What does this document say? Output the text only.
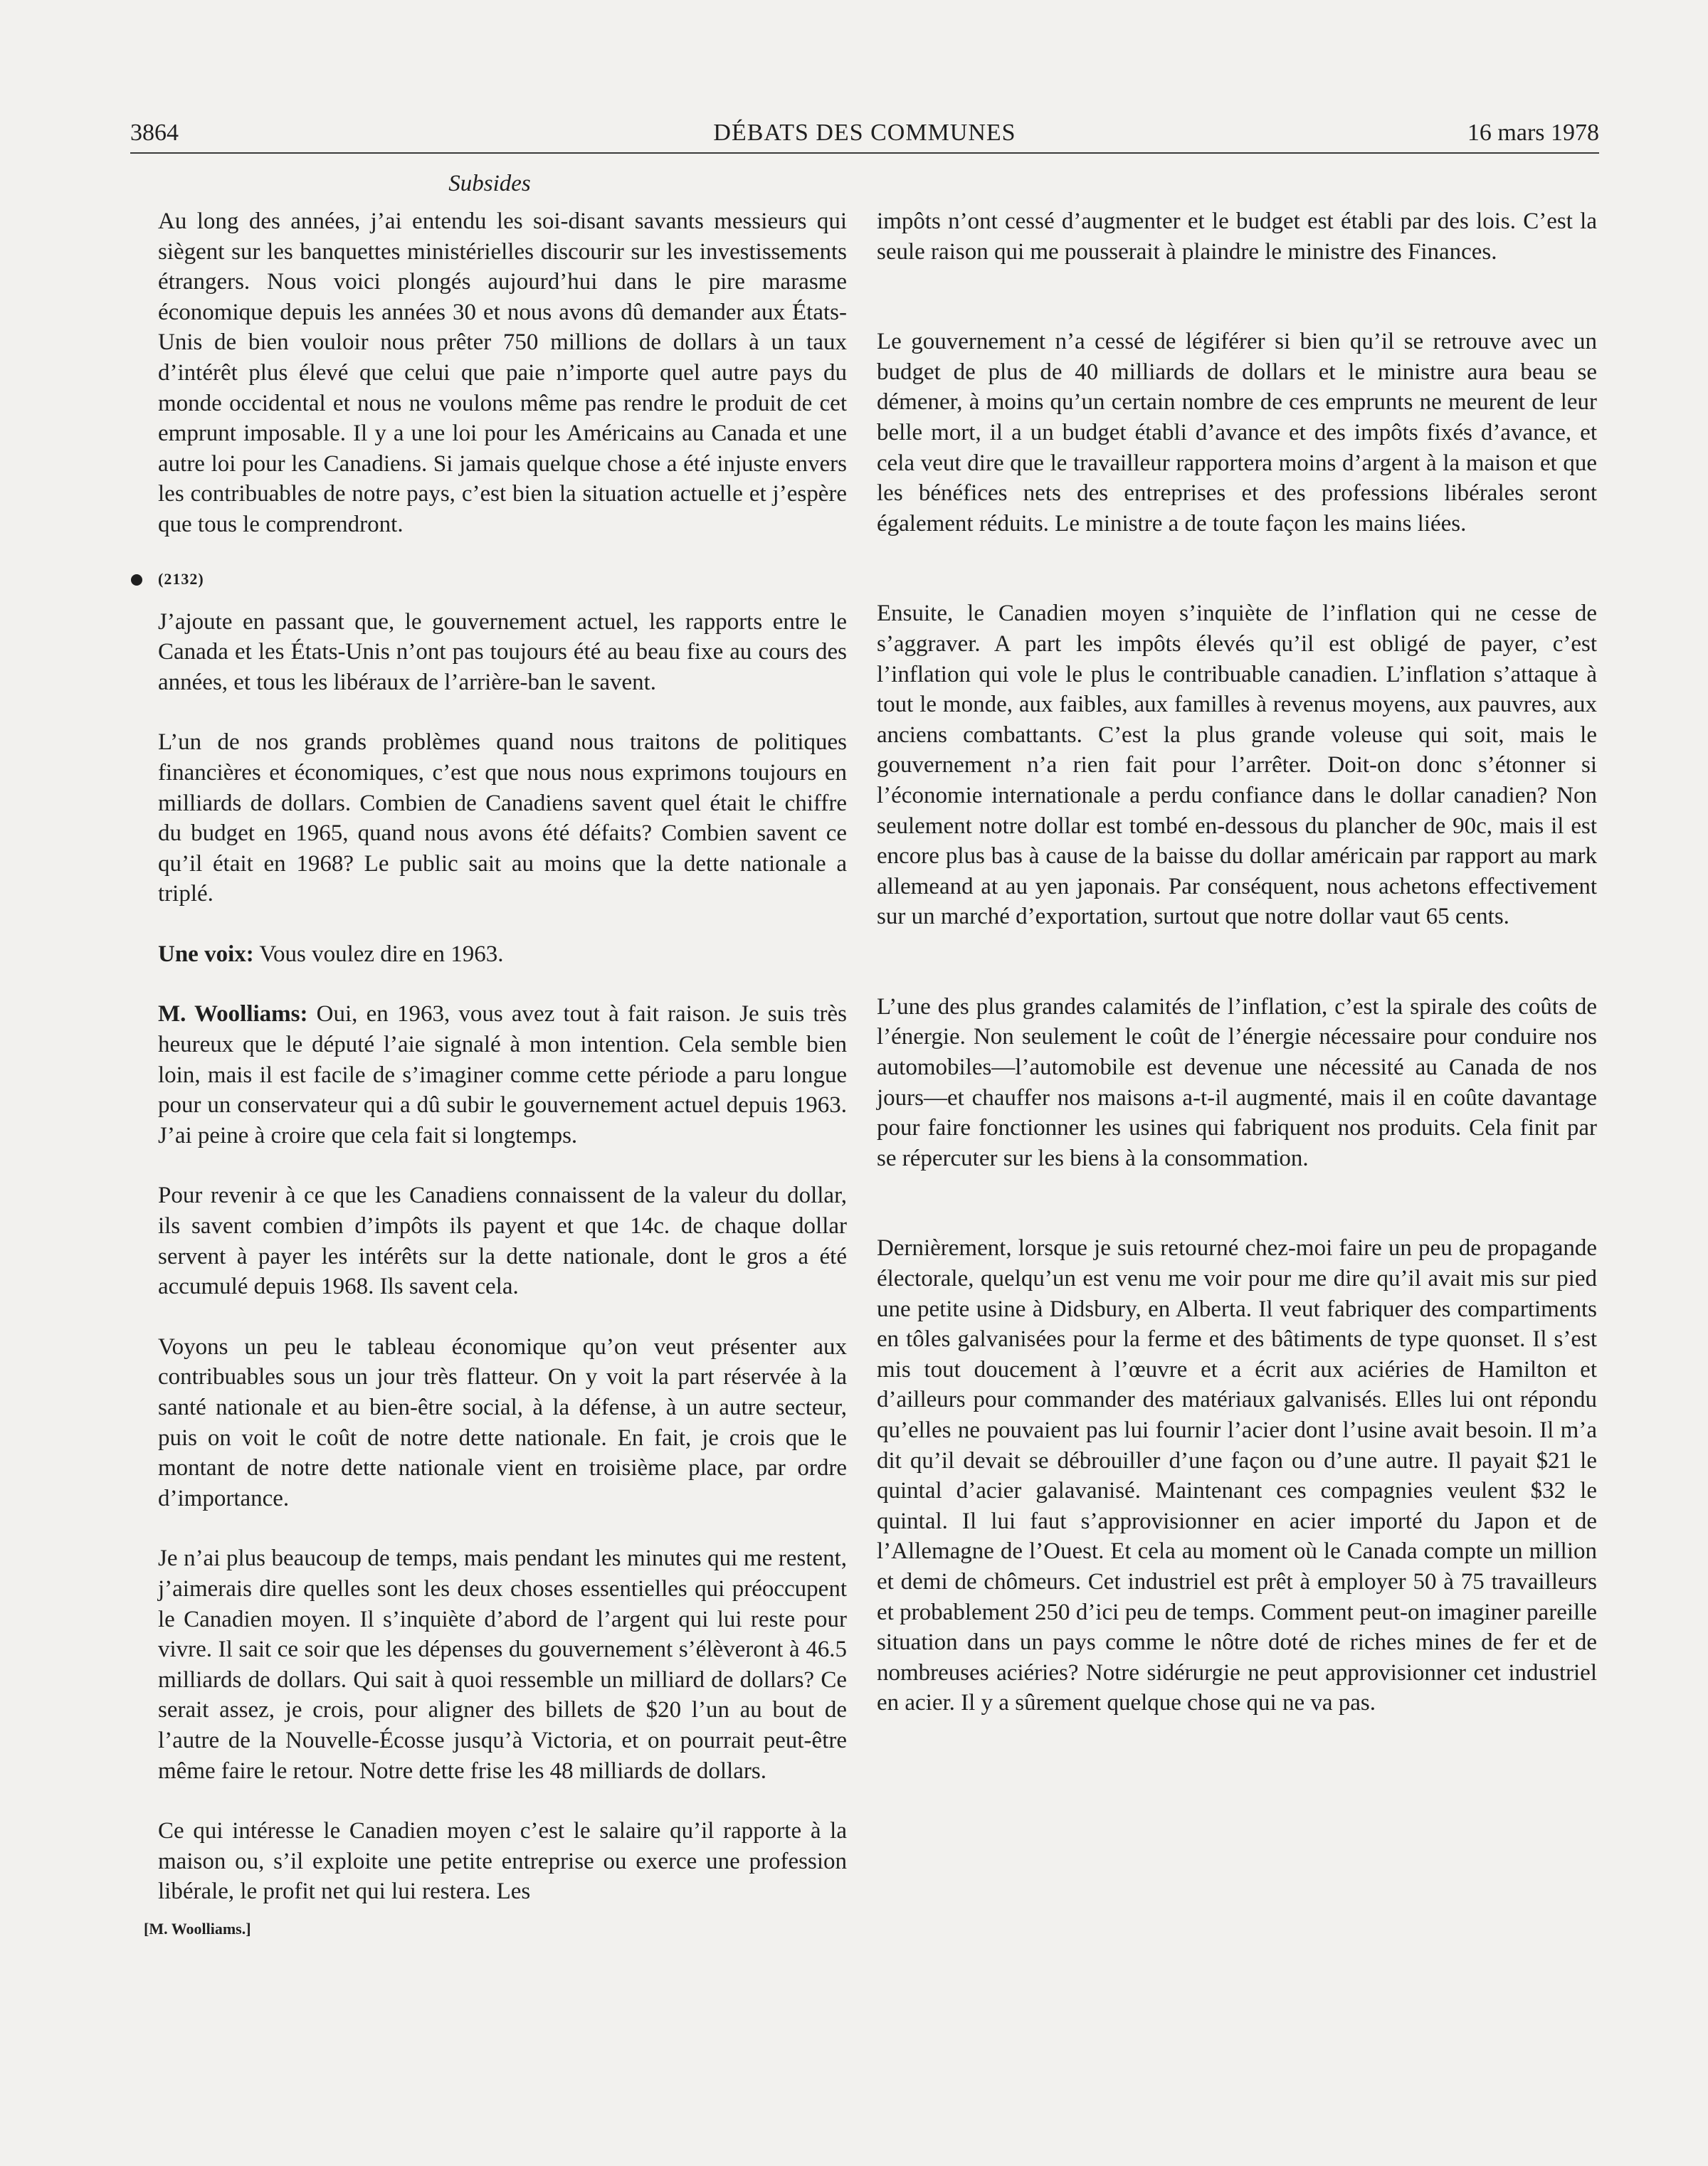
3864	DÉBATS DES COMMUNES	16 mars 1978
Subsides

Au long des années, j’ai entendu les soi-disant savants messieurs qui siègent sur les banquettes ministérielles discourir sur les investissements étrangers. Nous voici plongés aujourd’hui dans le pire marasme économique depuis les années 30 et nous avons dû demander aux États-Unis de bien vouloir nous prêter 750 millions de dollars à un taux d’intérêt plus élevé que celui que paie n’importe quel autre pays du monde occidental et nous ne voulons même pas rendre le produit de cet emprunt imposable. Il y a une loi pour les Américains au Canada et une autre loi pour les Canadiens. Si jamais quelque chose a été injuste envers les contribuables de notre pays, c’est bien la situation actuelle et j’espère que tous le comprendront.

(2132)

J’ajoute en passant que, le gouvernement actuel, les rapports entre le Canada et les États-Unis n’ont pas toujours été au beau fixe au cours des années, et tous les libéraux de l’arrière-ban le savent.

L’un de nos grands problèmes quand nous traitons de politiques financières et économiques, c’est que nous nous exprimons toujours en milliards de dollars. Combien de Canadiens savent quel était le chiffre du budget en 1965, quand nous avons été défaits? Combien savent ce qu’il était en 1968? Le public sait au moins que la dette nationale a triplé.

Une voix: Vous voulez dire en 1963.

M. Woolliams: Oui, en 1963, vous avez tout à fait raison. Je suis très heureux que le député l’aie signalé à mon intention. Cela semble bien loin, mais il est facile de s’imaginer comme cette période a paru longue pour un conservateur qui a dû subir le gouvernement actuel depuis 1963. J’ai peine à croire que cela fait si longtemps.

Pour revenir à ce que les Canadiens connaissent de la valeur du dollar, ils savent combien d’impôts ils payent et que 14c. de chaque dollar servent à payer les intérêts sur la dette nationale, dont le gros a été accumulé depuis 1968. Ils savent cela.

Voyons un peu le tableau économique qu’on veut présenter aux contribuables sous un jour très flatteur. On y voit la part réservée à la santé nationale et au bien-être social, à la défense, à un autre secteur, puis on voit le coût de notre dette nationale. En fait, je crois que le montant de notre dette nationale vient en troisième place, par ordre d’importance.

Je n’ai plus beaucoup de temps, mais pendant les minutes qui me restent, j’aimerais dire quelles sont les deux choses essentielles qui préoccupent le Canadien moyen. Il s’inquiète d’abord de l’argent qui lui reste pour vivre. Il sait ce soir que les dépenses du gouvernement s’élèveront à 46.5 milliards de dollars. Qui sait à quoi ressemble un milliard de dollars? Ce serait assez, je crois, pour aligner des billets de $20 l’un au bout de l’autre de la Nouvelle-Écosse jusqu’à Victoria, et on pourrait peut-être même faire le retour. Notre dette frise les 48 milliards de dollars.

Ce qui intéresse le Canadien moyen c’est le salaire qu’il rapporte à la maison ou, s’il exploite une petite entreprise ou exerce une profession libérale, le profit net qui lui restera. Les

[M. Woolliams.]

impôts n’ont cessé d’augmenter et le budget est établi par des lois. C’est la seule raison qui me pousserait à plaindre le ministre des Finances.

Le gouvernement n’a cessé de légiférer si bien qu’il se retrouve avec un budget de plus de 40 milliards de dollars et le ministre aura beau se démener, à moins qu’un certain nombre de ces emprunts ne meurent de leur belle mort, il a un budget établi d’avance et des impôts fixés d’avance, et cela veut dire que le travailleur rapportera moins d’argent à la maison et que les bénéfices nets des entreprises et des professions libérales seront également réduits. Le ministre a de toute façon les mains liées.

Ensuite, le Canadien moyen s’inquiète de l’inflation qui ne cesse de s’aggraver. A part les impôts élevés qu’il est obligé de payer, c’est l’inflation qui vole le plus le contribuable canadien. L’inflation s’attaque à tout le monde, aux faibles, aux familles à revenus moyens, aux pauvres, aux anciens combattants. C’est la plus grande voleuse qui soit, mais le gouvernement n’a rien fait pour l’arrêter. Doit-on donc s’étonner si l’économie internationale a perdu confiance dans le dollar canadien? Non seulement notre dollar est tombé en-dessous du plancher de 90c, mais il est encore plus bas à cause de la baisse du dollar américain par rapport au mark allemeand at au yen japonais. Par conséquent, nous achetons effectivement sur un marché d’exportation, surtout que notre dollar vaut 65 cents.

L’une des plus grandes calamités de l’inflation, c’est la spirale des coûts de l’énergie. Non seulement le coût de l’énergie nécessaire pour conduire nos automobiles—l’automobile est devenue une nécessité au Canada de nos jours—et chauffer nos maisons a-t-il augmenté, mais il en coûte davantage pour faire fonctionner les usines qui fabriquent nos produits. Cela finit par se répercuter sur les biens à la consommation.

Dernièrement, lorsque je suis retourné chez-moi faire un peu de propagande électorale, quelqu’un est venu me voir pour me dire qu’il avait mis sur pied une petite usine à Didsbury, en Alberta. Il veut fabriquer des compartiments en tôles galvanisées pour la ferme et des bâtiments de type quonset. Il s’est mis tout doucement à l’œuvre et a écrit aux aciéries de Hamilton et d’ailleurs pour commander des matériaux galvanisés. Elles lui ont répondu qu’elles ne pouvaient pas lui fournir l’acier dont l’usine avait besoin. Il m’a dit qu’il devait se débrouiller d’une façon ou d’une autre. Il payait $21 le quintal d’acier galavanisé. Maintenant ces compagnies veulent $32 le quintal. Il lui faut s’approvisionner en acier importé du Japon et de l’Allemagne de l’Ouest. Et cela au moment où le Canada compte un million et demi de chômeurs. Cet industriel est prêt à employer 50 à 75 travailleurs et probablement 250 d’ici peu de temps. Comment peut-on imaginer pareille situation dans un pays comme le nôtre doté de riches mines de fer et de nombreuses aciéries? Notre sidérurgie ne peut approvisionner cet industriel en acier. Il y a sûrement quelque chose qui ne va pas.
